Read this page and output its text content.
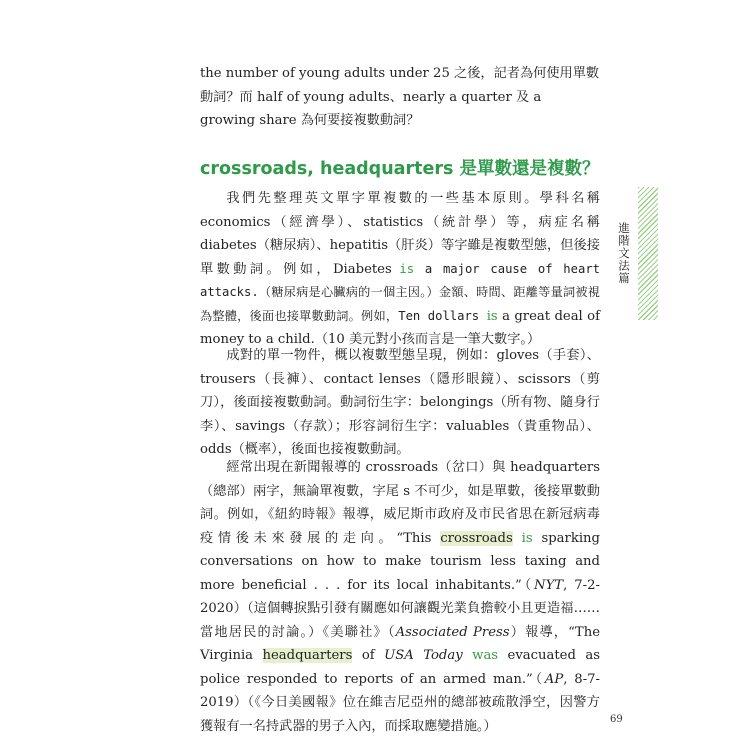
the number of young adults under 25 之後，記者為何使用單數動詞？而 half of young adults、nearly a quarter 及 a growing share 為何要接複數動詞？

crossroads, headquarters 是單數還是複數？

我們先整理英文單字單複數的一些基本原則。學科名稱 economics（經濟學）、statistics（統計學）等，病症名稱 diabetes（糖尿病）、hepatitis（肝炎）等字雖是複數型態，但後接單數動詞。例如，Diabetes is a major cause of heart attacks.（糖尿病是心臟病的一個主因。）金額、時間、距離等量詞被視為整體，後面也接單數動詞。例如，Ten dollars is a great deal of money to a child.（10 美元對小孩而言是一筆大數字。）

成對的單一物件，概以複數型態呈現，例如：gloves（手套）、trousers（長褲）、contact lenses（隱形眼鏡）、scissors（剪刀），後面接複數動詞。動詞衍生字：belongings（所有物、隨身行李）、savings（存款）；形容詞衍生字：valuables（貴重物品）、odds（概率），後面也接複數動詞。

經常出現在新聞報導的 crossroads（岔口）與 headquarters（總部）兩字，無論單複數，字尾 s 不可少，如是單數，後接單數動詞。例如，《紐約時報》報導，威尼斯市政府及市民省思在新冠病毒疫情後未來發展的走向。“This crossroads is sparking conversations on how to make tourism less taxing and more beneficial . . . for its local inhabitants.”（NYT, 7-2-2020）（這個轉捩點引發有關應如何讓觀光業負擔較小且更造福……當地居民的討論。）《美聯社》（Associated Press）報導，“The Virginia headquarters of USA Today was evacuated as police responded to reports of an armed man.”（AP, 8-7-2019）（《今日美國報》位在維吉尼亞州的總部被疏散淨空，因警方獲報有一名持武器的男子入內，而採取應變措施。）

進階文法篇
69
